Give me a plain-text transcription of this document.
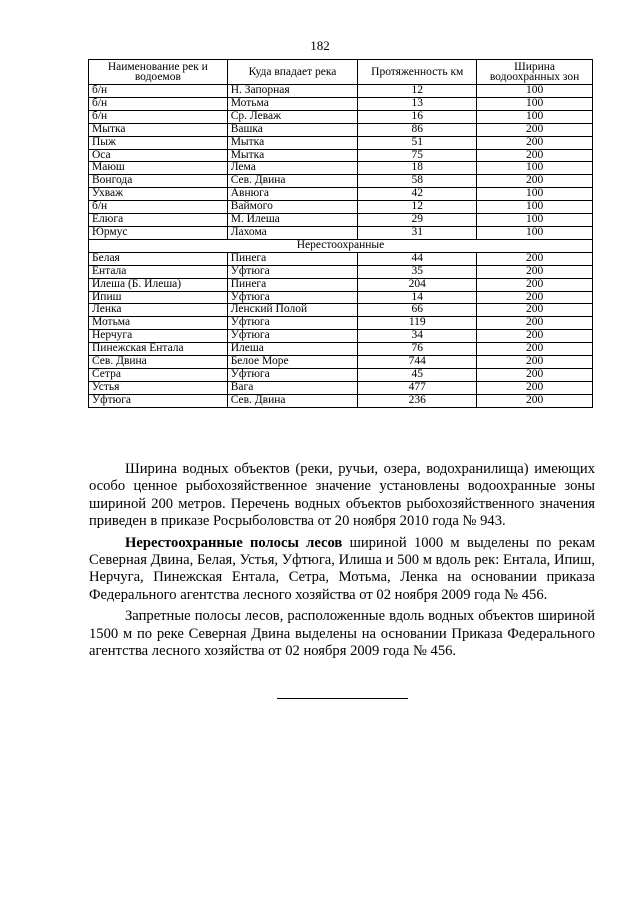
182
Наименование рек и водоемов	Куда впадает река	Протяженность км	Ширина водоохранных зон
б/н	Н. Запорная	12	100
б/н	Мотьма	13	100
б/н	Ср. Леваж	16	100
Мытка	Вашка	86	200
Пыж	Мытка	51	200
Оса	Мытка	75	200
Маюш	Лема	18	100
Вонгода	Сев. Двина	58	200
Ухваж	Авнюга	42	100
б/н	Ваймого	12	100
Елюга	М. Илеша	29	100
Юрмус	Лахома	31	100
Нерестоохранные			
Белая	Пинега	44	200
Ентала	Уфтюга	35	200
Илеша (Б. Илеша)	Пинега	204	200
Ипиш	Уфтюга	14	200
Ленка	Ленский Полой	66	200
Мотьма	Уфтюга	119	200
Нерчуга	Уфтюга	34	200
Пинежская Ентала	Илеша	76	200
Сев. Двина	Белое Море	744	200
Сетра	Уфтюга	45	200
Устья	Вага	477	200
Уфтюга	Сев. Двина	236	200

Ширина водных объектов (реки, ручьи, озера, водохранилища) имеющих особо ценное рыбохозяйственное значение установлены водоохранные зоны шириной 200 метров. Перечень водных объектов рыбохозяйственного значения приведен в приказе Росрыболовства от 20 ноября 2010 года № 943.

Нерестоохранные полосы лесов шириной 1000 м выделены по рекам Северная Двина, Белая, Устья, Уфтюга, Илиша и 500 м вдоль рек: Ентала, Ипиш, Нерчуга, Пинежская Ентала, Сетра, Мотьма, Ленка на основании приказа Федерального агентства лесного хозяйства от 02 ноября 2009 года № 456.

Запретные полосы лесов, расположенные вдоль водных объектов шириной 1500 м по реке Северная Двина выделены на основании Приказа Федерального агентства лесного хозяйства от 02 ноября 2009 года № 456.
